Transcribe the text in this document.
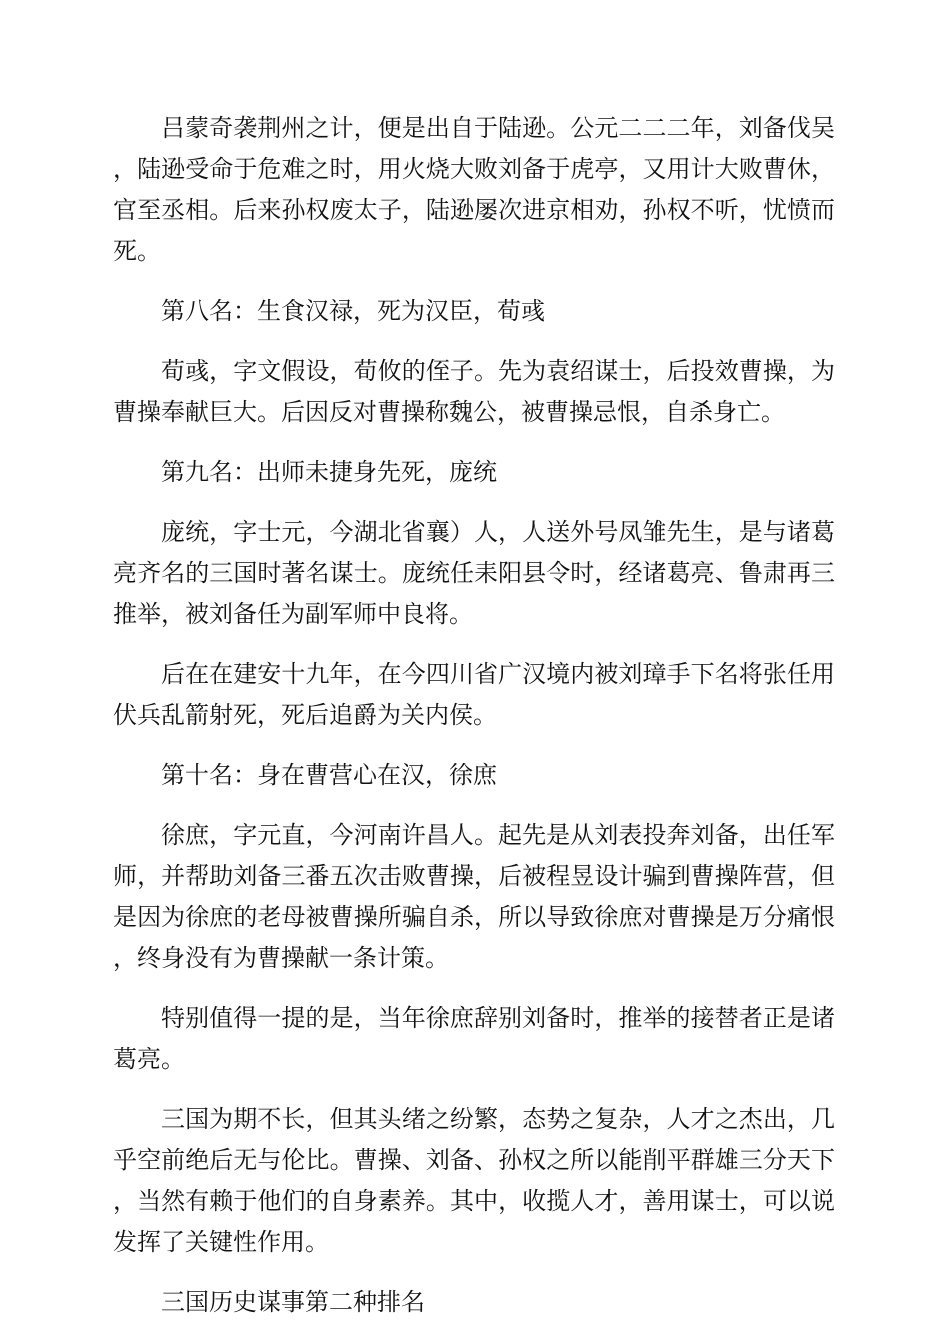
吕蒙奇袭荆州之计，便是出自于陆逊。公元二二二年，刘备伐吴，陆逊受命于危难之时，用火烧大败刘备于虎亭，又用计大败曹休，官至丞相。后来孙权废太子，陆逊屡次进京相劝，孙权不听，忧愤而死。

第八名：生食汉禄，死为汉臣，荀彧

荀彧，字文假设，荀攸的侄子。先为袁绍谋士，后投效曹操，为曹操奉献巨大。后因反对曹操称魏公，被曹操忌恨，自杀身亡。

第九名：出师未捷身先死，庞统

庞统，字士元，今湖北省襄）人，人送外号凤雏先生，是与诸葛亮齐名的三国时著名谋士。庞统任耒阳县令时，经诸葛亮、鲁肃再三推举，被刘备任为副军师中良将。

后在在建安十九年，在今四川省广汉境内被刘璋手下名将张任用伏兵乱箭射死，死后追爵为关内侯。

第十名：身在曹营心在汉，徐庶

徐庶，字元直，今河南许昌人。起先是从刘表投奔刘备，出任军师，并帮助刘备三番五次击败曹操，后被程昱设计骗到曹操阵营，但是因为徐庶的老母被曹操所骗自杀，所以导致徐庶对曹操是万分痛恨，终身没有为曹操献一条计策。

特别值得一提的是，当年徐庶辞别刘备时，推举的接替者正是诸葛亮。

三国为期不长，但其头绪之纷繁，态势之复杂，人才之杰出，几乎空前绝后无与伦比。曹操、刘备、孙权之所以能削平群雄三分天下，当然有赖于他们的自身素养。其中，收揽人才，善用谋士，可以说发挥了关键性作用。

三国历史谋事第二种排名
